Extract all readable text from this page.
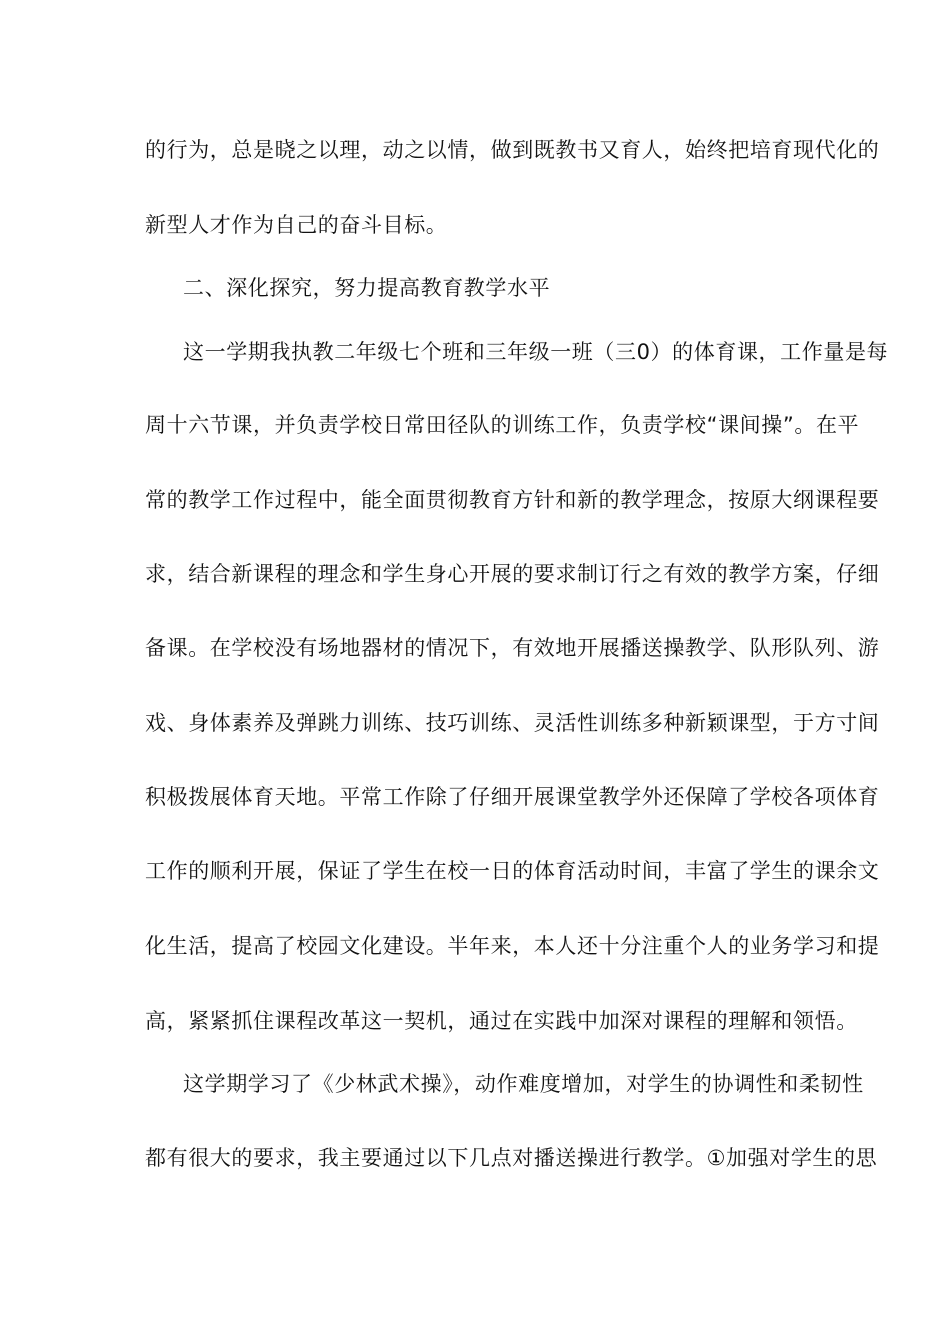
的行为，总是晓之以理，动之以情，做到既教书又育人，始终把培育现代化的
新型人才作为自己的奋斗目标。
二、深化探究，努力提高教育教学水平
这一学期我执教二年级七个班和三年级一班（三0）的体育课，工作量是每
周十六节课，并负责学校日常田径队的训练工作，负责学校“课间操”。在平
常的教学工作过程中，能全面贯彻教育方针和新的教学理念，按原大纲课程要
求，结合新课程的理念和学生身心开展的要求制订行之有效的教学方案，仔细
备课。在学校没有场地器材的情况下，有效地开展播送操教学、队形队列、游
戏、身体素养及弹跳力训练、技巧训练、灵活性训练多种新颖课型，于方寸间
积极拨展体育天地。平常工作除了仔细开展课堂教学外还保障了学校各项体育
工作的顺利开展，保证了学生在校一日的体育活动时间，丰富了学生的课余文
化生活，提高了校园文化建设。半年来，本人还十分注重个人的业务学习和提
高，紧紧抓住课程改革这一契机，通过在实践中加深对课程的理解和领悟。
这学期学习了《少林武术操》，动作难度增加，对学生的协调性和柔韧性
都有很大的要求，我主要通过以下几点对播送操进行教学。①加强对学生的思
